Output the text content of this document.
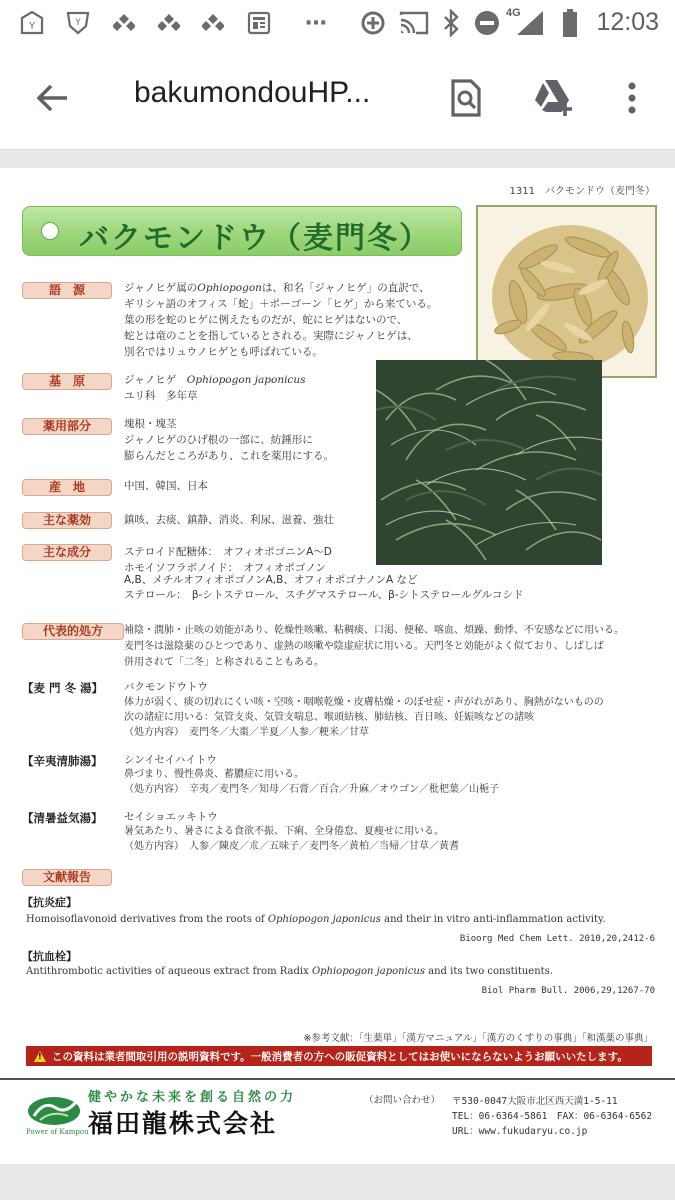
Y	Y	⋯	4G	12:03
bakumondouHP...
1311　バクモンドウ（麦門冬）
バクモンドウ（麦門冬）
語　源	ジャノヒゲ属のOphiopogonは、和名「ジャノヒゲ」の直訳で、
ギリシャ語のオフィス「蛇」＋ポーゴーン「ヒゲ」から来ている。
葉の形を蛇のヒゲに例えたものだが、蛇にヒゲはないので、
蛇とは竜のことを指しているとされる。実際にジャノヒゲは、
別名ではリュウノヒゲとも呼ばれている。
基　原	ジャノヒゲ　 Ophiopogon japonicus
ユリ科　多年草
薬用部分	塊根・塊茎
ジャノヒゲのひげ根の一部に、紡錘形に
膨らんだところがあり、これを薬用にする。
産　地	中国、韓国、日本
主な薬効	鎮咳、去痰、鎮静、消炎、利尿、滋養、強壮
主な成分	ステロイド配糖体：　オフィオポゴニンA～D
ホモイソフラボノイド：　オフィオポゴノン
A,B、メチルオフィオポゴノンA,B、オフィオポゴナノンA など
ステロール：　β-シトステロール、スチグマステロール、β-シトステロールグルコシド
代表的処方	補陰・潤肺・止咳の効能があり、乾燥性咳嗽、粘稠痰、口渇、便秘、喀血、煩躁、動悸、不安感などに用いる。
麦門冬は滋陰薬のひとつであり、虚熱の咳嗽や陰虚症状に用いる。天門冬と効能がよく似ており、しばしば
併用されて「二冬」と称されることもある。
【麦 門 冬 湯】 バクモンドウトウ
体力が弱く、痰の切れにくい咳・空咳・咽喉乾燥・皮膚枯燥・のぼせ症・声がれがあり、胸熱がないものの
次の諸症に用いる：気管支炎、気管支喘息、喉頭結核、肺結核、百日咳、妊娠咳などの諸咳
（処方内容）　麦門冬／大棗／半夏／人参／粳米／甘草
【辛夷清肺湯】 シンイセイハイトウ
鼻づまり、慢性鼻炎、蓄膿症に用いる。
（処方内容）　辛夷／麦門冬／知母／石膏／百合／升麻／オウゴン／枇杷葉／山梔子
【清暑益気湯】 セイショエッキトウ
暑気あたり、暑さによる食欲不振、下痢、全身倦怠、夏痩せに用いる。
（処方内容）　人参／陳皮／朮／五味子／麦門冬／黄柏／当帰／甘草／黄耆
文献報告
【抗炎症】
Homoisoflavonoid derivatives from the roots of Ophiopogon japonicus and their in vitro anti-inflammation activity.
Bioorg Med Chem Lett. 2010,20,2412-6
【抗血栓】
Antithrombotic activities of aqueous extract from Radix Ophiopogon japonicus and its two constituents.
Biol Pharm Bull. 2006,29,1267-70
※参考文献：「生薬単」「漢方マニュアル」「漢方のくすりの事典」「和漢薬の事典」
!
この資料は業者間取引用の説明資料です。一般消費者の方への販促資料としてはお使いにならないようお願いいたします。
Power of Kampou
健やかな未来を創る自然の力
福田龍株式会社
（お問い合わせ） 〒530-0047大阪市北区西天満1-5-11
TEL：06-6364-5861　FAX：06-6364-6562
URL：www.fukudaryu.co.jp
